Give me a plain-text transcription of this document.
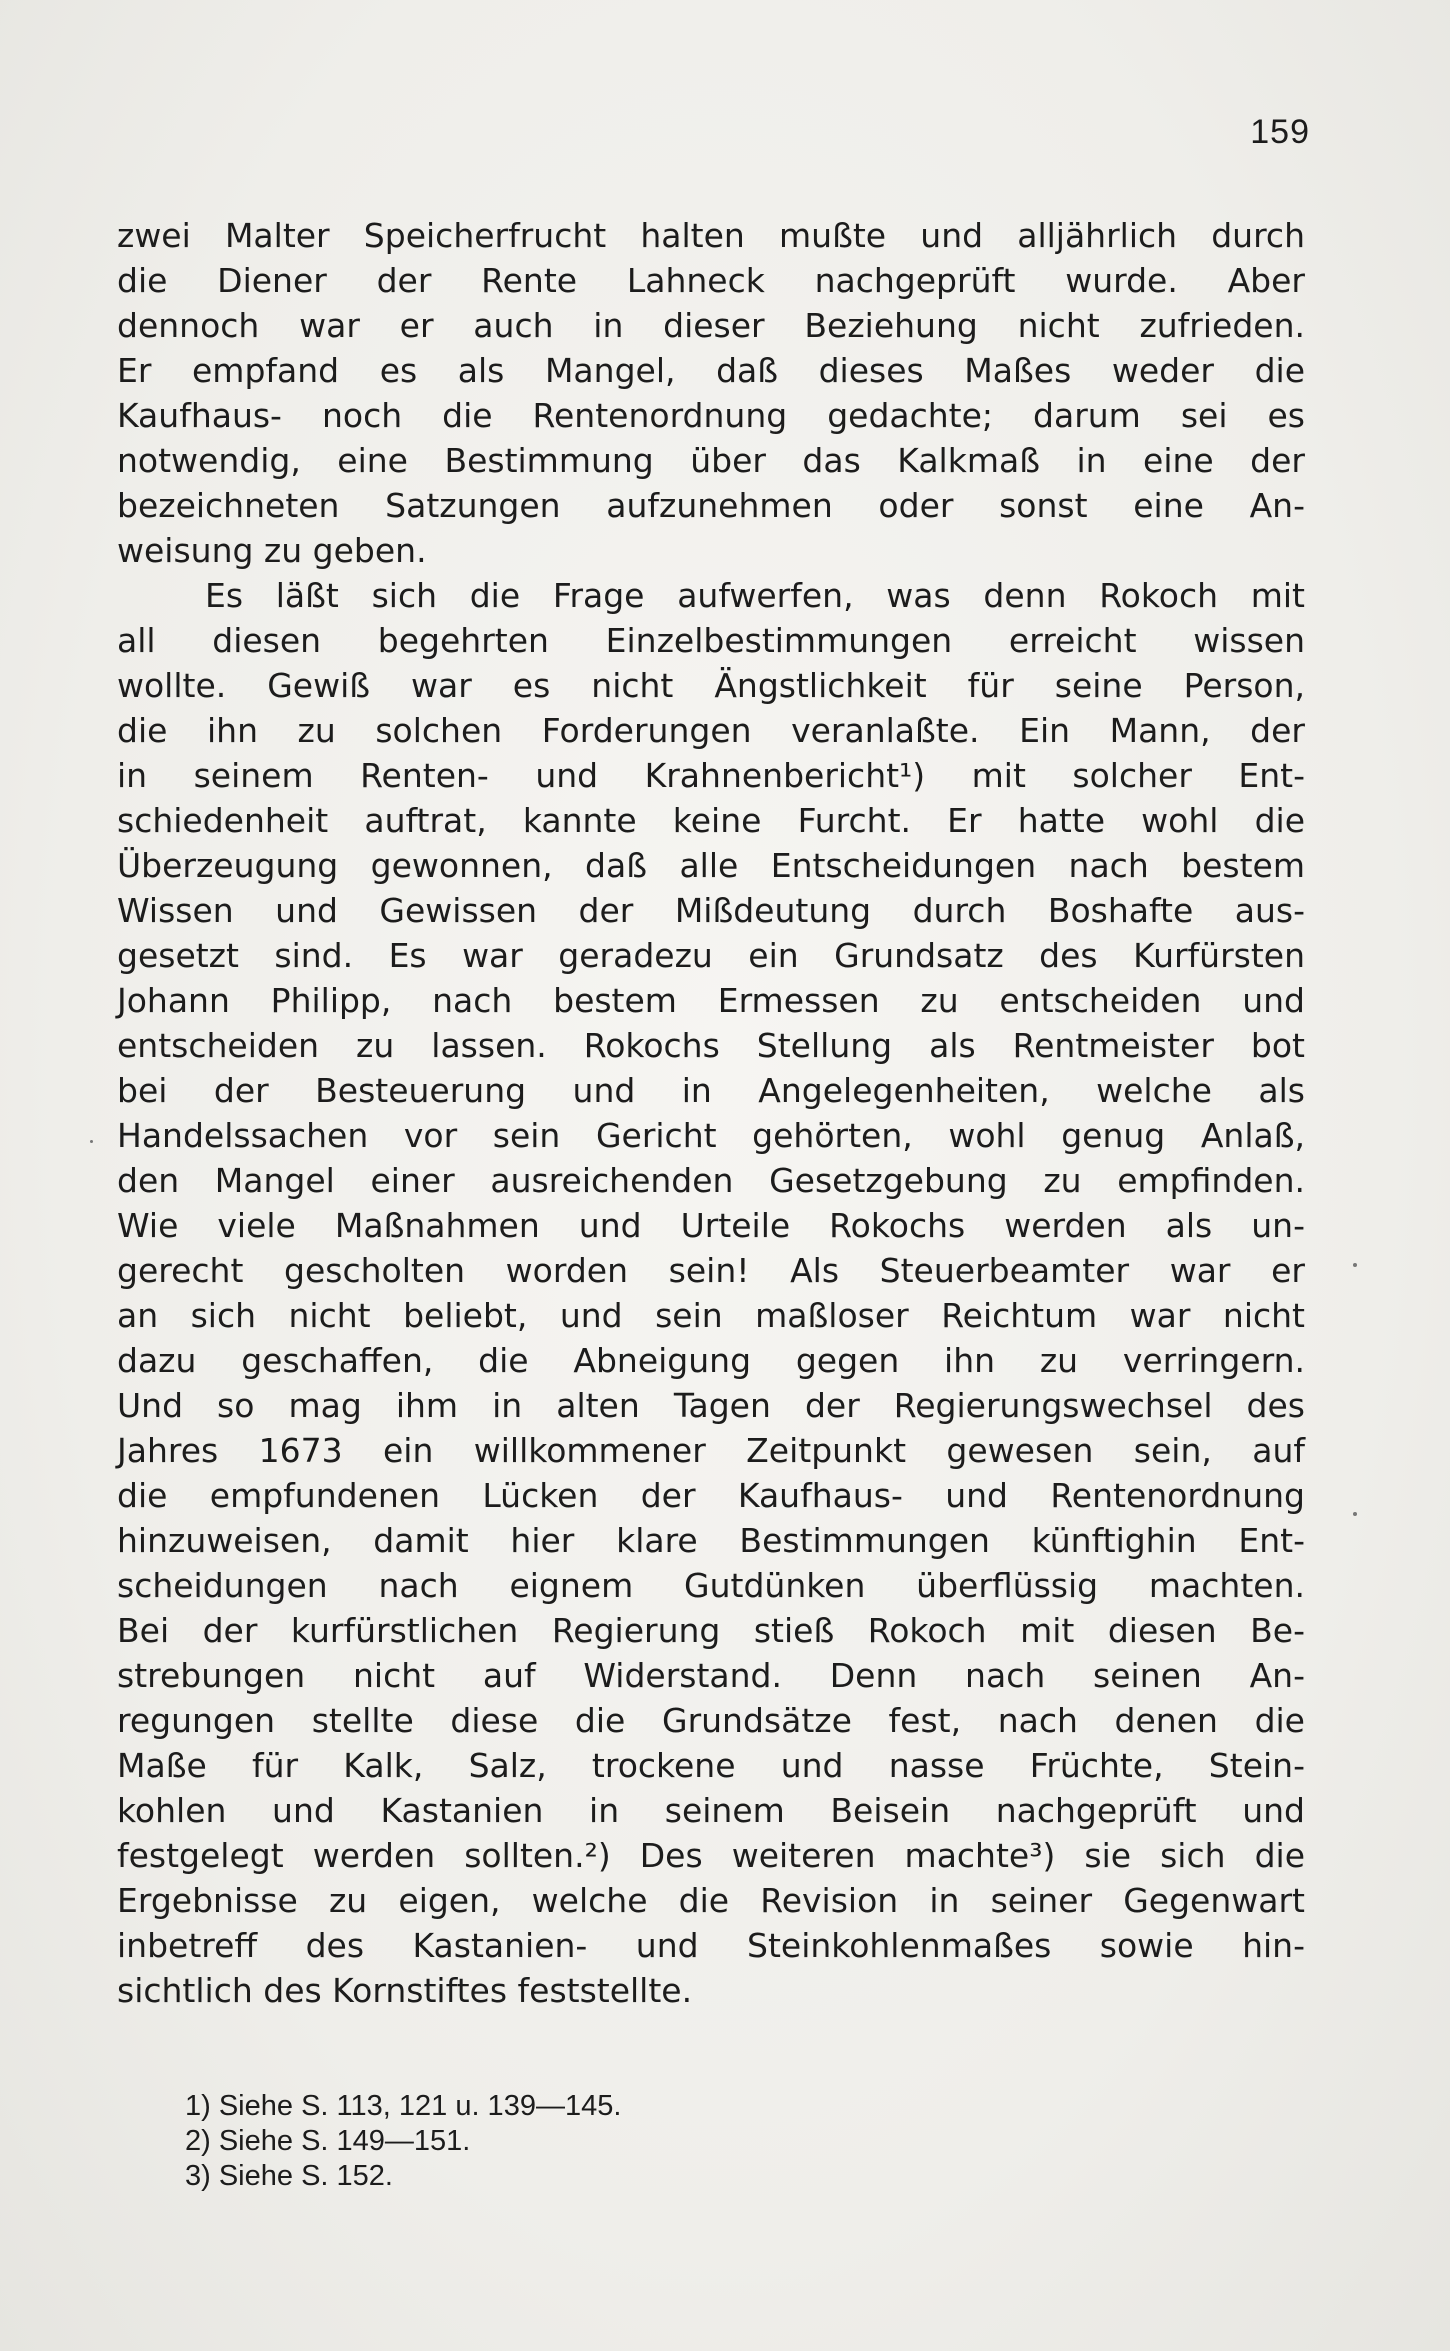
159
zwei Malter Speicherfrucht halten mußte und alljährlich durch
die Diener der Rente Lahneck nachgeprüft wurde. Aber
dennoch war er auch in dieser Beziehung nicht zufrieden.
Er empfand es als Mangel, daß dieses Maßes weder die
Kaufhaus- noch die Rentenordnung gedachte; darum sei es
notwendig, eine Bestimmung über das Kalkmaß in eine der
bezeichneten Satzungen aufzunehmen oder sonst eine An-
weisung zu geben.
Es läßt sich die Frage aufwerfen, was denn Rokoch mit
all diesen begehrten Einzelbestimmungen erreicht wissen
wollte. Gewiß war es nicht Ängstlichkeit für seine Person,
die ihn zu solchen Forderungen veranlaßte. Ein Mann, der
in seinem Renten- und Krahnenbericht¹) mit solcher Ent-
schiedenheit auftrat, kannte keine Furcht. Er hatte wohl die
Überzeugung gewonnen, daß alle Entscheidungen nach bestem
Wissen und Gewissen der Mißdeutung durch Boshafte aus-
gesetzt sind. Es war geradezu ein Grundsatz des Kurfürsten
Johann Philipp, nach bestem Ermessen zu entscheiden und
entscheiden zu lassen. Rokochs Stellung als Rentmeister bot
bei der Besteuerung und in Angelegenheiten, welche als
Handelssachen vor sein Gericht gehörten, wohl genug Anlaß,
den Mangel einer ausreichenden Gesetzgebung zu empfinden.
Wie viele Maßnahmen und Urteile Rokochs werden als un-
gerecht gescholten worden sein! Als Steuerbeamter war er
an sich nicht beliebt, und sein maßloser Reichtum war nicht
dazu geschaffen, die Abneigung gegen ihn zu verringern.
Und so mag ihm in alten Tagen der Regierungswechsel des
Jahres 1673 ein willkommener Zeitpunkt gewesen sein, auf
die empfundenen Lücken der Kaufhaus- und Rentenordnung
hinzuweisen, damit hier klare Bestimmungen künftighin Ent-
scheidungen nach eignem Gutdünken überflüssig machten.
Bei der kurfürstlichen Regierung stieß Rokoch mit diesen Be-
strebungen nicht auf Widerstand. Denn nach seinen An-
regungen stellte diese die Grundsätze fest, nach denen die
Maße für Kalk, Salz, trockene und nasse Früchte, Stein-
kohlen und Kastanien in seinem Beisein nachgeprüft und
festgelegt werden sollten.²) Des weiteren machte³) sie sich die
Ergebnisse zu eigen, welche die Revision in seiner Gegenwart
inbetreff des Kastanien- und Steinkohlenmaßes sowie hin-
sichtlich des Kornstiftes feststellte.
1) Siehe S. 113, 121 u. 139—145.
2) Siehe S. 149—151.
3) Siehe S. 152.
